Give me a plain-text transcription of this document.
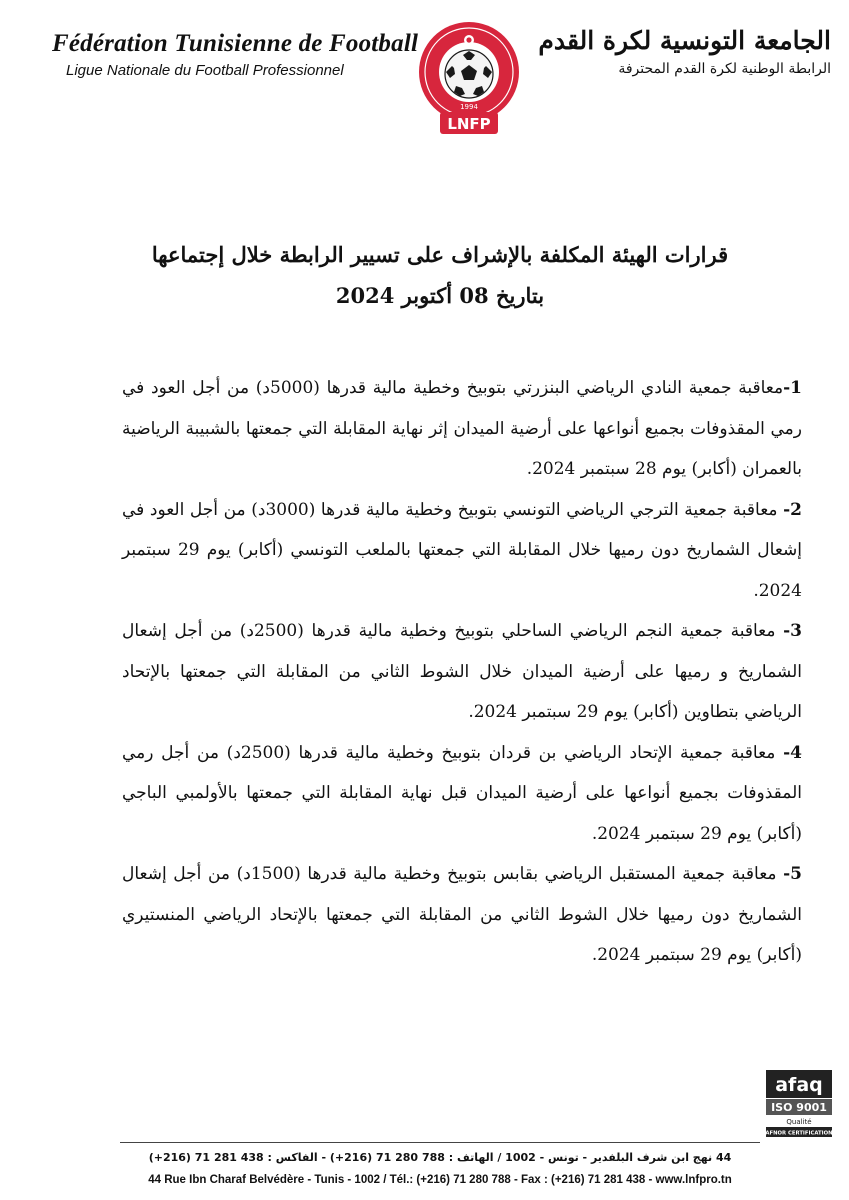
Fédération Tunisienne de Football
Ligue Nationale du Football Professionnel
1994
LNFP
الجامعة التونسية لكرة القدم
الرابطة الوطنية لكرة القدم المحترفة
قرارات الهيئة المكلفة بالإشراف على تسيير الرابطة خلال إجتماعها
بتاريخ 08 أكتوبر 2024

1-معاقبة جمعية النادي الرياضي البنزرتي بتوبيخ وخطية مالية قدرها (5000د) من أجل العود في رمي المقذوفات بجميع أنواعها على أرضية الميدان إثر نهاية المقابلة التي جمعتها بالشبيبة الرياضية بالعمران (أكابر) يوم 28 سبتمبر 2024.

2- معاقبة جمعية الترجي الرياضي التونسي بتوبيخ وخطية مالية قدرها (3000د) من أجل العود في إشعال الشماريخ دون رميها خلال المقابلة التي جمعتها بالملعب التونسي (أكابر) يوم 29 سبتمبر 2024.

3- معاقبة جمعية النجم الرياضي الساحلي بتوبيخ وخطية مالية قدرها (2500د) من أجل إشعال الشماريخ و رميها على أرضية الميدان خلال الشوط الثاني من المقابلة التي جمعتها بالإتحاد الرياضي بتطاوين (أكابر) يوم 29 سبتمبر 2024.

4- معاقبة جمعية الإتحاد الرياضي بن قردان بتوبيخ وخطية مالية قدرها (2500د) من أجل رمي المقذوفات بجميع أنواعها على أرضية الميدان قبل نهاية المقابلة التي جمعتها بالأولمبي الباجي (أكابر) يوم 29 سبتمبر 2024.

5- معاقبة جمعية المستقبل الرياضي بقابس بتوبيخ وخطية مالية قدرها (1500د) من أجل إشعال الشماريخ دون رميها خلال الشوط الثاني من المقابلة التي جمعتها بالإتحاد الرياضي المنستيري (أكابر) يوم 29 سبتمبر 2024.

afaq
ISO 9001
Qualité
AFNOR CERTIFICATION
44 نهج ابن شرف البلفدير - تونس - 1002 / الهاتف : 788 280 71 (216+) - الفاكس : 438 281 71 (216+)
44 Rue Ibn Charaf Belvédère - Tunis - 1002 / Tél.: (+216) 71 280 788 - Fax : (+216) 71 281 438 - www.lnfpro.tn
